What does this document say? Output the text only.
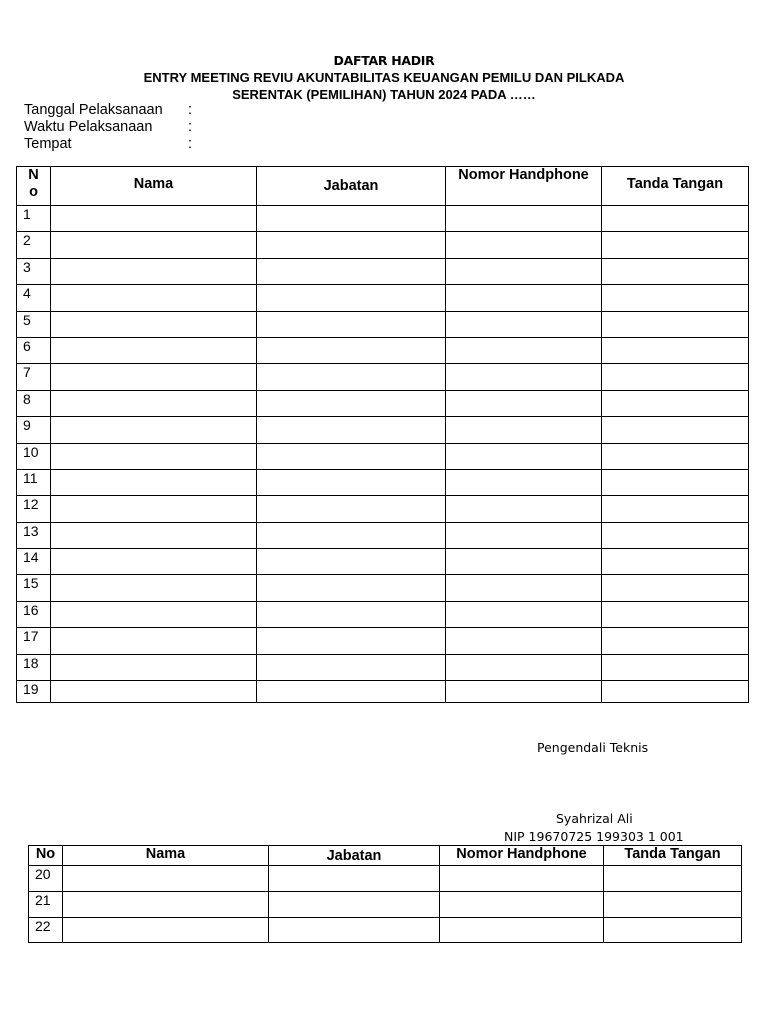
DAFTAR HADIR
ENTRY MEETING REVIU AKUNTABILITAS KEUANGAN PEMILU DAN PILKADA
SERENTAK (PEMILIHAN) TAHUN 2024 PADA ……
Tanggal Pelaksanaan :
Waktu Pelaksanaan :
Tempat	:
N
o	Nama	Jabatan	Nomor Handphone	Tanda Tangan
1				
2				
3				
4				
5				
6				
7				
8				
9				
10				
11				
12				
13				
14				
15				
16				
17				
18				
19				
Pengendali Teknis
Syahrizal Ali
NIP 19670725 199303 1 001
No	Nama	Jabatan	Nomor Handphone	Tanda Tangan
20				
21				
22				
